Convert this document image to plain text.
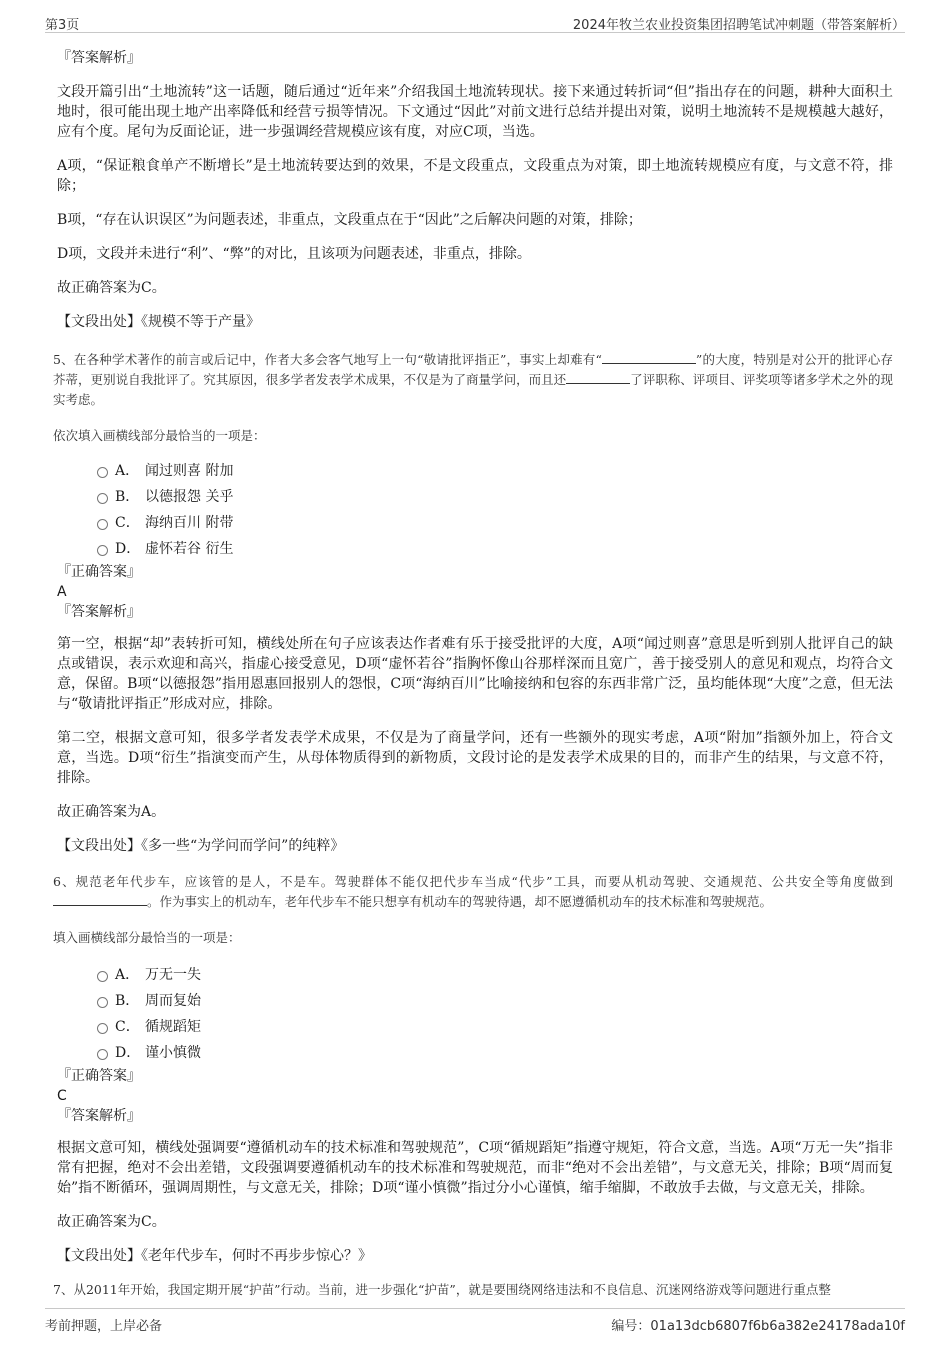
第3页	2024年牧兰农业投资集团招聘笔试冲刺题（带答案解析）

『答案解析』

文段开篇引出“土地流转”这一话题，随后通过“近年来”介绍我国土地流转现状。接下来通过转折词“但”指出存在的问题，耕种大面积土地时，很可能出现土地产出率降低和经营亏损等情况。下文通过“因此”对前文进行总结并提出对策，说明土地流转不是规模越大越好，应有个度。尾句为反面论证，进一步强调经营规模应该有度，对应C项，当选。

A项，“保证粮食单产不断增长”是土地流转要达到的效果，不是文段重点，文段重点为对策，即土地流转规模应有度，与文意不符，排除；

B项，“存在认识误区”为问题表述，非重点，文段重点在于“因此”之后解决问题的对策，排除；

D项，文段并未进行“利”、“弊”的对比，且该项为问题表述，非重点，排除。

故正确答案为C。

【文段出处】《规模不等于产量》

5、在各种学术著作的前言或后记中，作者大多会客气地写上一句“敬请批评指正”，事实上却难有“	”的大度，特别是对公开的批评心存芥蒂，更别说自我批评了。究其原因，很多学者发表学术成果，不仅是为了商量学问，而且还	了评职称、评项目、评奖项等诸多学术之外的现实考虑。

依次填入画横线部分最恰当的一项是：

A． 闻过则喜 附加
B． 以德报怨 关乎
C． 海纳百川 附带
D． 虚怀若谷 衍生

『正确答案』

A

『答案解析』

第一空，根据“却”表转折可知，横线处所在句子应该表达作者难有乐于接受批评的大度，A项“闻过则喜”意思是听到别人批评自己的缺点或错误，表示欢迎和高兴，指虚心接受意见，D项“虚怀若谷”指胸怀像山谷那样深而且宽广，善于接受别人的意见和观点，均符合文意，保留。B项“以德报怨”指用恩惠回报别人的怨恨，C项“海纳百川”比喻接纳和包容的东西非常广泛，虽均能体现“大度”之意，但无法与“敬请批评指正”形成对应，排除。

第二空，根据文意可知，很多学者发表学术成果，不仅是为了商量学问，还有一些额外的现实考虑，A项“附加”指额外加上，符合文意，当选。D项“衍生”指演变而产生，从母体物质得到的新物质，文段讨论的是发表学术成果的目的，而非产生的结果，与文意不符，排除。

故正确答案为A。

【文段出处】《多一些“为学问而学问”的纯粹》

6、规范老年代步车，应该管的是人，不是车。驾驶群体不能仅把代步车当成“代步”工具，而要从机动驾驶、交通规范、公共安全等角度做到。作为事实上的机动车，老年代步车不能只想享有机动车的驾驶待遇，却不愿遵循机动车的技术标准和驾驶规范。

填入画横线部分最恰当的一项是：

A． 万无一失
B． 周而复始
C． 循规蹈矩
D． 谨小慎微

『正确答案』

C

『答案解析』

根据文意可知，横线处强调要“遵循机动车的技术标准和驾驶规范”，C项“循规蹈矩”指遵守规矩，符合文意，当选。A项“万无一失”指非常有把握，绝对不会出差错，文段强调要遵循机动车的技术标准和驾驶规范，而非“绝对不会出差错”，与文意无关，排除；B项“周而复始”指不断循环，强调周期性，与文意无关，排除；D项“谨小慎微”指过分小心谨慎，缩手缩脚，不敢放手去做，与文意无关，排除。

故正确答案为C。

【文段出处】《老年代步车，何时不再步步惊心？》

7、从2011年开始，我国定期开展“护苗”行动。当前，进一步强化“护苗”，就是要围绕网络违法和不良信息、沉迷网络游戏等问题进行重点整

考前押题，上岸必备	编号：01a13dcb6807f6b6a382e24178ada10f
